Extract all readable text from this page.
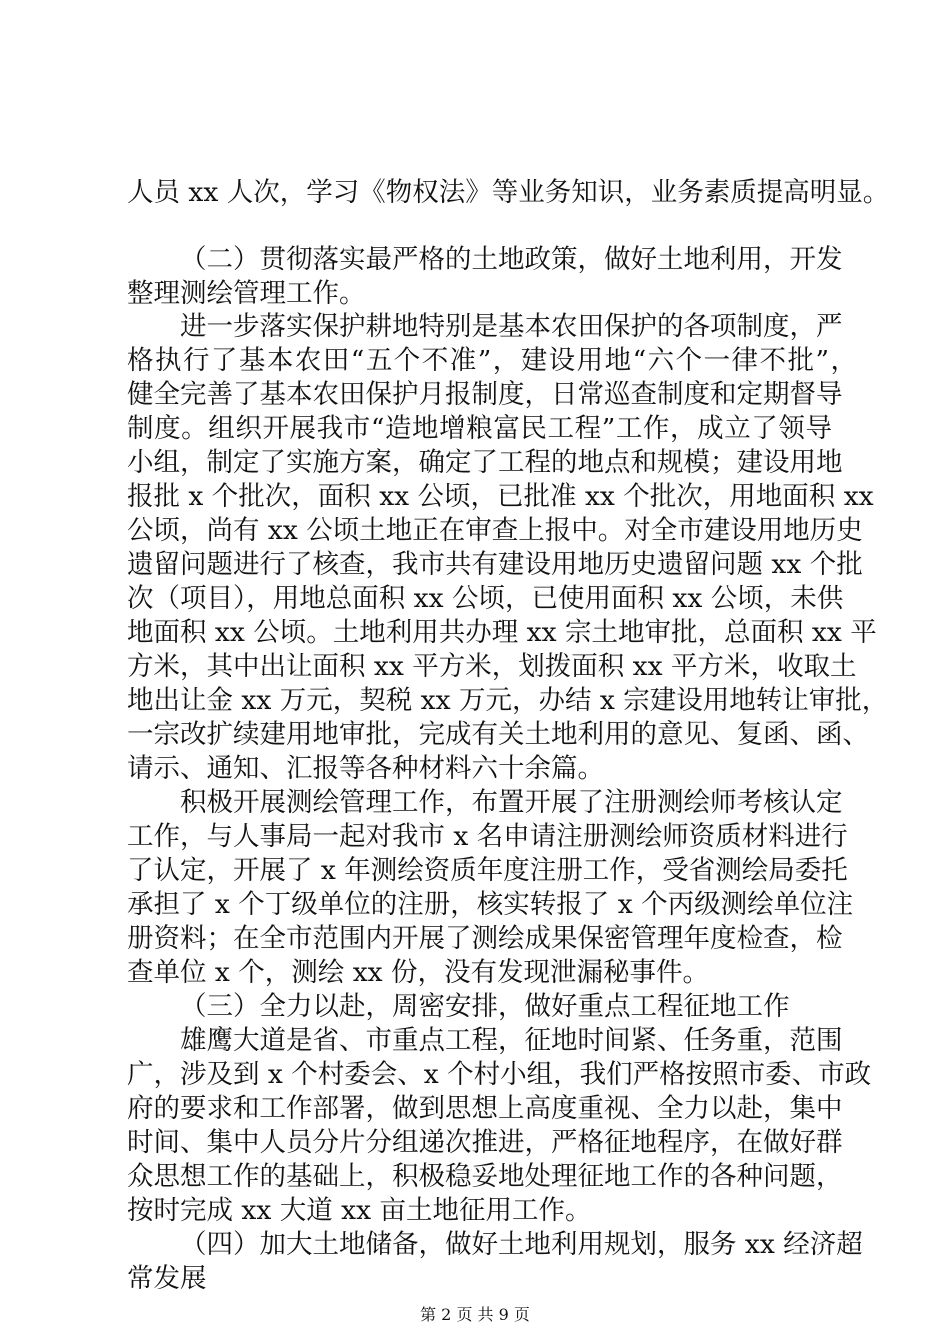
人员 xx 人次，学习《物权法》等业务知识，业务素质提高明显。
（二）贯彻落实最严格的土地政策，做好土地利用，开发
整理测绘管理工作。
进一步落实保护耕地特别是基本农田保护的各项制度，严
格执行了基本农田“五个不准”，建设用地“六个一律不批”，
健全完善了基本农田保护月报制度，日常巡查制度和定期督导
制度。组织开展我市“造地增粮富民工程”工作，成立了领导
小组，制定了实施方案，确定了工程的地点和规模；建设用地
报批 x 个批次，面积 xx 公顷，已批准 xx 个批次，用地面积 xx
公顷，尚有 xx 公顷土地正在审查上报中。对全市建设用地历史
遗留问题进行了核查，我市共有建设用地历史遗留问题 xx 个批
次（项目），用地总面积 xx 公顷，已使用面积 xx 公顷，未供
地面积 xx 公顷。土地利用共办理 xx 宗土地审批，总面积 xx 平
方米，其中出让面积 xx 平方米，划拨面积 xx 平方米，收取土
地出让金 xx 万元，契税 xx 万元，办结 x 宗建设用地转让审批，
一宗改扩续建用地审批，完成有关土地利用的意见、复函、函、
请示、通知、汇报等各种材料六十余篇。
积极开展测绘管理工作，布置开展了注册测绘师考核认定
工作，与人事局一起对我市 x 名申请注册测绘师资质材料进行
了认定，开展了 x 年测绘资质年度注册工作，受省测绘局委托
承担了 x 个丁级单位的注册，核实转报了 x 个丙级测绘单位注
册资料；在全市范围内开展了测绘成果保密管理年度检查，检
查单位 x 个，测绘 xx 份，没有发现泄漏秘事件。
（三）全力以赴，周密安排，做好重点工程征地工作
雄鹰大道是省、市重点工程，征地时间紧、任务重，范围
广，涉及到 x 个村委会、x 个村小组，我们严格按照市委、市政
府的要求和工作部署，做到思想上高度重视、全力以赴，集中
时间、集中人员分片分组递次推进，严格征地程序，在做好群
众思想工作的基础上，积极稳妥地处理征地工作的各种问题，
按时完成 xx 大道 xx 亩土地征用工作。
（四）加大土地储备，做好土地利用规划，服务 xx 经济超
常发展
第 2 页 共 9 页
